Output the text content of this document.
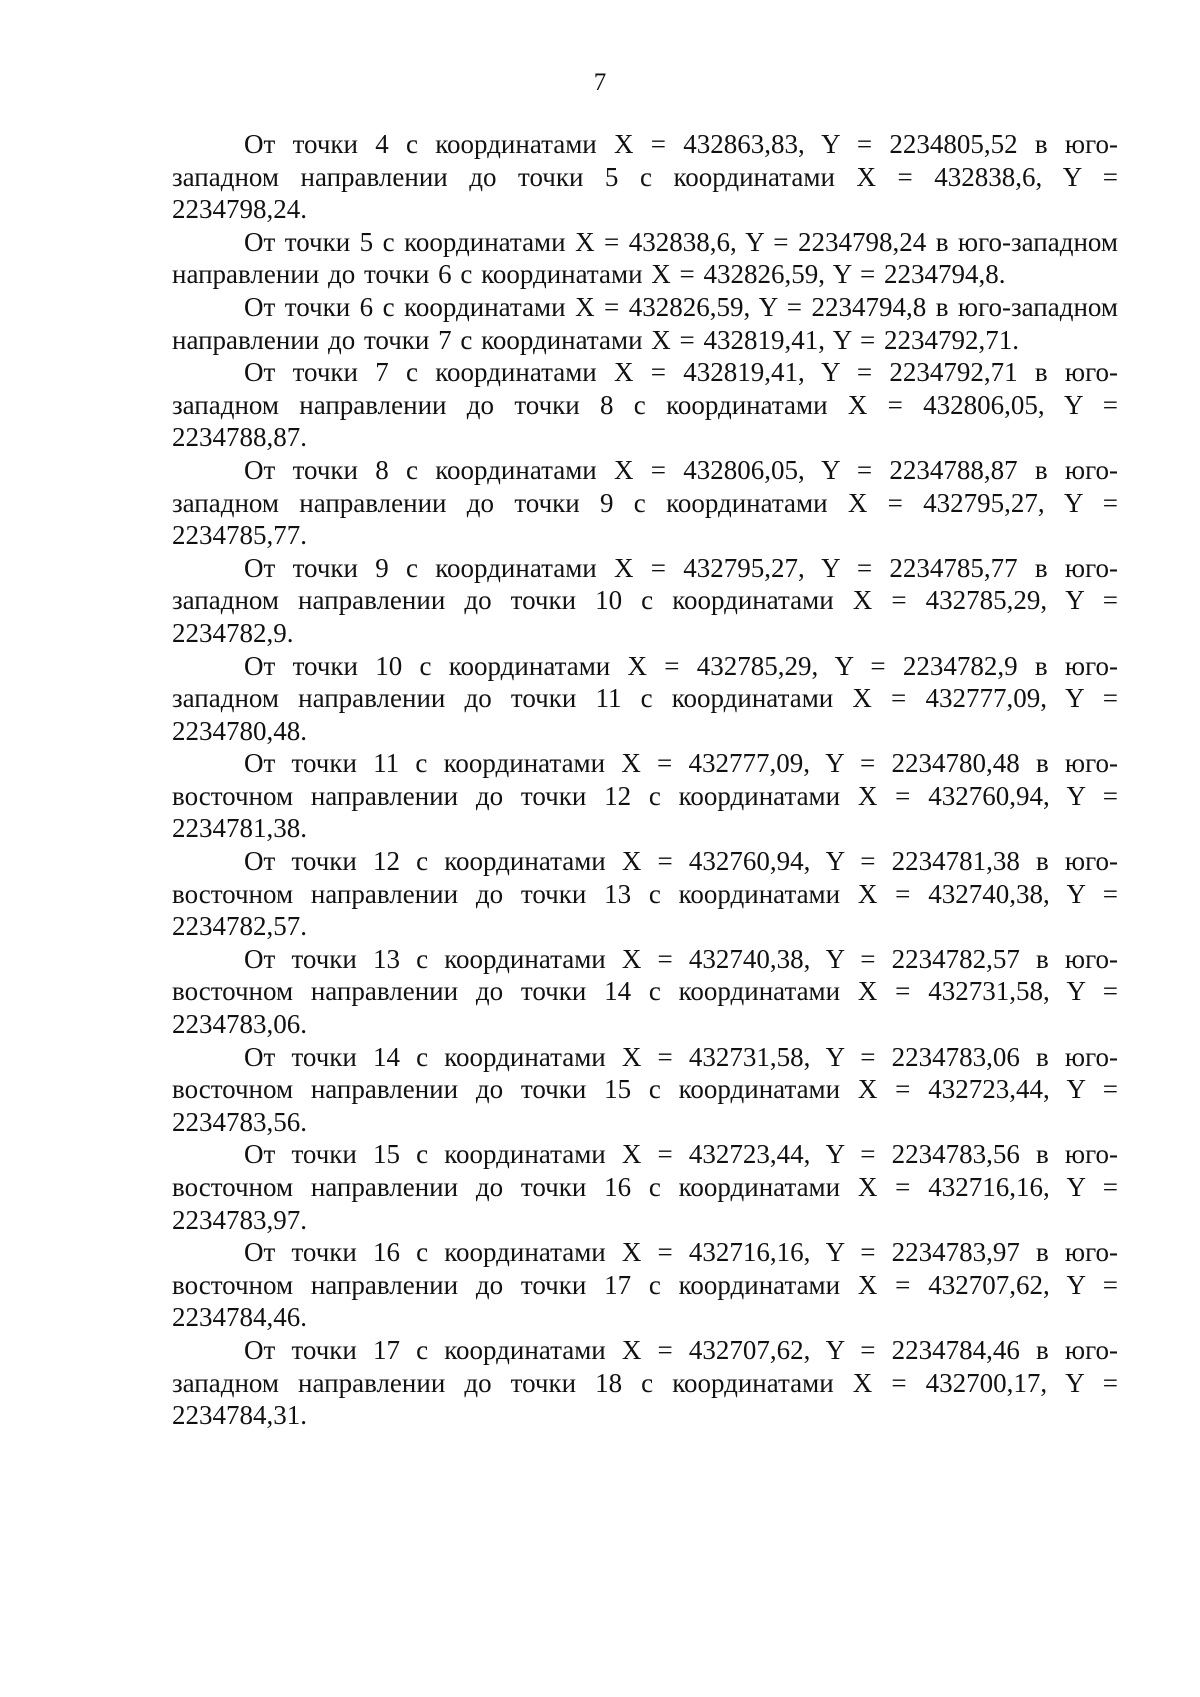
7

От точки 4 с координатами X = 432863,83, Y = 2234805,52 в юго-западном направлении до точки 5 с координатами X = 432838,6, Y = 2234798,24.

От точки 5 с координатами X = 432838,6, Y = 2234798,24 в юго-западном направлении до точки 6 с координатами X = 432826,59, Y = 2234794,8.

От точки 6 с координатами X = 432826,59, Y = 2234794,8 в юго-западном направлении до точки 7 с координатами X = 432819,41, Y = 2234792,71.

От точки 7 с координатами X = 432819,41, Y = 2234792,71 в юго-западном направлении до точки 8 с координатами X = 432806,05, Y = 2234788,87.

От точки 8 с координатами X = 432806,05, Y = 2234788,87 в юго-западном направлении до точки 9 с координатами X = 432795,27, Y = 2234785,77.

От точки 9 с координатами X = 432795,27, Y = 2234785,77 в юго-западном направлении до точки 10 с координатами X = 432785,29, Y = 2234782,9.

От точки 10 с координатами X = 432785,29, Y = 2234782,9 в юго-западном направлении до точки 11 с координатами X = 432777,09, Y = 2234780,48.

От точки 11 с координатами X = 432777,09, Y = 2234780,48 в юго-восточном направлении до точки 12 с координатами X = 432760,94, Y = 2234781,38.

От точки 12 с координатами X = 432760,94, Y = 2234781,38 в юго-восточном направлении до точки 13 с координатами X = 432740,38, Y = 2234782,57.

От точки 13 с координатами X = 432740,38, Y = 2234782,57 в юго-восточном направлении до точки 14 с координатами X = 432731,58, Y = 2234783,06.

От точки 14 с координатами X = 432731,58, Y = 2234783,06 в юго-восточном направлении до точки 15 с координатами X = 432723,44, Y = 2234783,56.

От точки 15 с координатами X = 432723,44, Y = 2234783,56 в юго-восточном направлении до точки 16 с координатами X = 432716,16, Y = 2234783,97.

От точки 16 с координатами X = 432716,16, Y = 2234783,97 в юго-восточном направлении до точки 17 с координатами X = 432707,62, Y = 2234784,46.

От точки 17 с координатами X = 432707,62, Y = 2234784,46 в юго-западном направлении до точки 18 с координатами X = 432700,17, Y = 2234784,31.
